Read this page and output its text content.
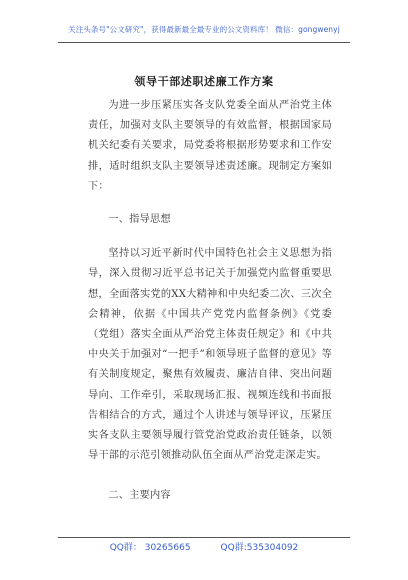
关注头条号"公文研究"，获得最新最全最专业的公文资料库！ 微信：gongwenyj
领导干部述职述廉工作方案

为进一步压紧压实各支队党委全面从严治党主体责任，加强对支队主要领导的有效监督，根据国家局机关纪委有关要求，局党委将根据形势要求和工作安排，适时组织支队主要领导述责述廉。现制定方案如下：

一、指导思想

坚持以习近平新时代中国特色社会主义思想为指导，深入贯彻习近平总书记关于加强党内监督重要思想，全面落实党的XX大精神和中央纪委二次、三次全会精神，依据《中国共产党党内监督条例》《党委（党组）落实全面从严治党主体责任规定》和《中共中央关于加强对“一把手”和领导班子监督的意见》等有关制度规定，聚焦有效履责、廉洁自律、突出问题导向、工作牵引，采取现场汇报、视频连线和书面报告相结合的方式，通过个人讲述与领导评议，压紧压实各支队主要领导履行管党治党政治责任链条，以领导干部的示范引领推动队伍全面从严治党走深走实。

二、主要内容

QQ群： 30265665	QQ群:535304092
